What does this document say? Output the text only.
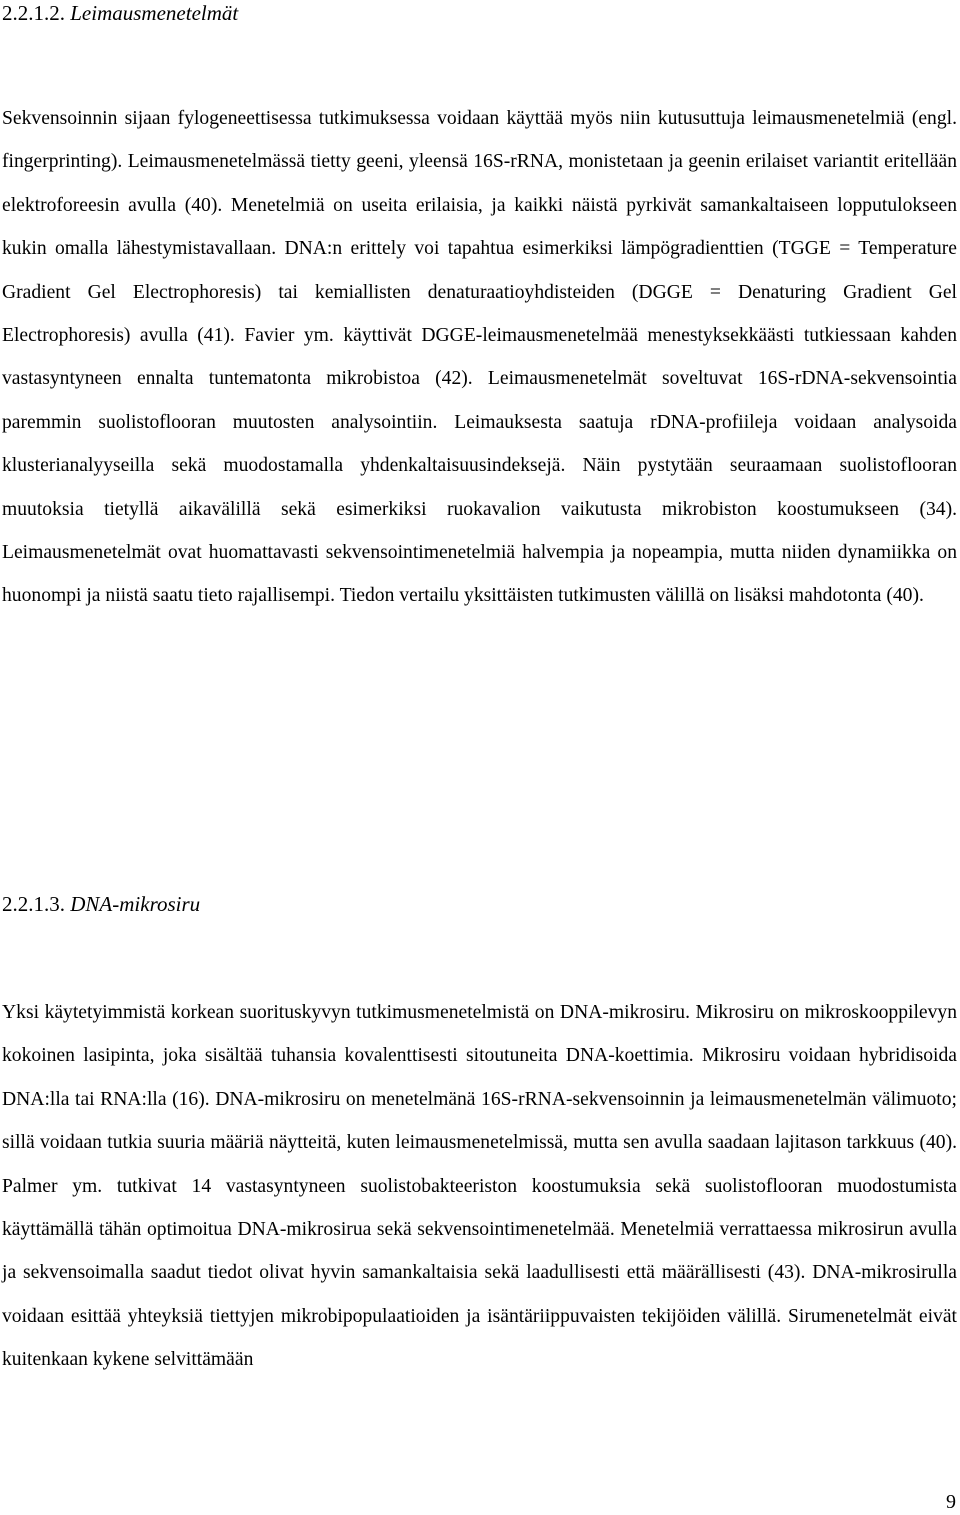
2.2.1.2. Leimausmenetelmät

Sekvensoinnin sijaan fylogeneettisessa tutkimuksessa voidaan käyttää myös niin kutusuttuja leimausmenetelmiä (engl. fingerprinting). Leimausmenetelmässä tietty geeni, yleensä 16S-rRNA, monistetaan ja geenin erilaiset variantit eritellään elektroforeesin avulla (40). Menetelmiä on useita erilaisia, ja kaikki näistä pyrkivät samankaltaiseen lopputulokseen kukin omalla lähestymistavallaan. DNA:n erittely voi tapahtua esimerkiksi lämpögradienttien (TGGE = Temperature Gradient Gel Electrophoresis) tai kemiallisten denaturaatioyhdisteiden (DGGE = Denaturing Gradient Gel Electrophoresis) avulla (41). Favier ym. käyttivät DGGE-leimausmenetelmää menestyksekkäästi tutkiessaan kahden vastasyntyneen ennalta tuntematonta mikrobistoa (42). Leimausmenetelmät soveltuvat 16S-rDNA-sekvensointia paremmin suolistoflooran muutosten analysointiin. Leimauksesta saatuja rDNA-profiileja voidaan analysoida klusterianalyyseilla sekä muodostamalla yhdenkaltaisuusindeksejä. Näin pystytään seuraamaan suolistoflooran muutoksia tietyllä aikavälillä sekä esimerkiksi ruokavalion vaikutusta mikrobiston koostumukseen (34). Leimausmenetelmät ovat huomattavasti sekvensointimenetelmiä halvempia ja nopeampia, mutta niiden dynamiikka on huonompi ja niistä saatu tieto rajallisempi. Tiedon vertailu yksittäisten tutkimusten välillä on lisäksi mahdotonta (40).

2.2.1.3. DNA-mikrosiru

Yksi käytetyimmistä korkean suorituskyvyn tutkimusmenetelmistä on DNA-mikrosiru. Mikrosiru on mikroskooppilevyn kokoinen lasipinta, joka sisältää tuhansia kovalenttisesti sitoutuneita DNA-koettimia. Mikrosiru voidaan hybridisoida DNA:lla tai RNA:lla (16). DNA-mikrosiru on menetelmänä 16S-rRNA-sekvensoinnin ja leimausmenetelmän välimuoto; sillä voidaan tutkia suuria määriä näytteitä, kuten leimausmenetelmissä, mutta sen avulla saadaan lajitason tarkkuus (40). Palmer ym. tutkivat 14 vastasyntyneen suolistobakteeriston koostumuksia sekä suolistoflooran muodostumista käyttämällä tähän optimoitua DNA-mikrosirua sekä sekvensointimenetelmää. Menetelmiä verrattaessa mikrosirun avulla ja sekvensoimalla saadut tiedot olivat hyvin samankaltaisia sekä laadullisesti että määrällisesti (43). DNA-mikrosirulla voidaan esittää yhteyksiä tiettyjen mikrobipopulaatioiden ja isäntäriippuvaisten tekijöiden välillä. Sirumenetelmät eivät kuitenkaan kykene selvittämään

9
